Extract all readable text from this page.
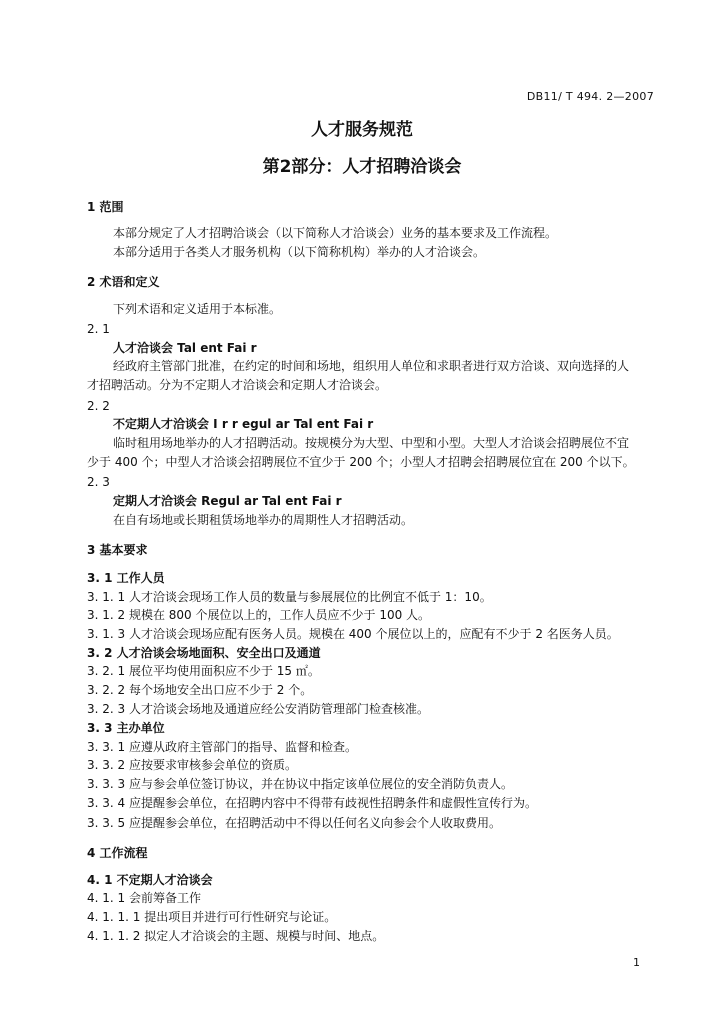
DB11/ T 494. 2—2007
人才服务规范
第2部分：人才招聘洽谈会
1 范围
本部分规定了人才招聘洽谈会（以下简称人才洽谈会）业务的基本要求及工作流程。
本部分适用于各类人才服务机构（以下简称机构）举办的人才洽谈会。
2 术语和定义
下列术语和定义适用于本标准。
2. 1
人才洽谈会 Tal ent Fai r
经政府主管部门批准，在约定的时间和场地，组织用人单位和求职者进行双方洽谈、双向选择的人
才招聘活动。分为不定期人才洽谈会和定期人才洽谈会。
2. 2
不定期人才洽谈会 I r r egul ar Tal ent Fai r
临时租用场地举办的人才招聘活动。按规模分为大型、中型和小型。大型人才洽谈会招聘展位不宜
少于 400 个；中型人才洽谈会招聘展位不宜少于 200 个；小型人才招聘会招聘展位宜在 200 个以下。
2. 3
定期人才洽谈会 Regul ar Tal ent Fai r
在自有场地或长期租赁场地举办的周期性人才招聘活动。
3 基本要求
3. 1 工作人员
3. 1. 1 人才洽谈会现场工作人员的数量与参展展位的比例宜不低于 1：10。
3. 1. 2 规模在 800 个展位以上的，工作人员应不少于 100 人。
3. 1. 3 人才洽谈会现场应配有医务人员。规模在 400 个展位以上的，应配有不少于 2 名医务人员。
3. 2 人才洽谈会场地面积、安全出口及通道
3. 2. 1 展位平均使用面积应不少于 15 ㎡。
3. 2. 2 每个场地安全出口应不少于 2 个。
3. 2. 3 人才洽谈会场地及通道应经公安消防管理部门检查核准。
3. 3 主办单位
3. 3. 1 应遵从政府主管部门的指导、监督和检查。
3. 3. 2 应按要求审核参会单位的资质。
3. 3. 3 应与参会单位签订协议，并在协议中指定该单位展位的安全消防负责人。
3. 3. 4 应提醒参会单位，在招聘内容中不得带有歧视性招聘条件和虚假性宣传行为。
3. 3. 5 应提醒参会单位，在招聘活动中不得以任何名义向参会个人收取费用。
4 工作流程
4. 1 不定期人才洽谈会
4. 1. 1 会前筹备工作
4. 1. 1. 1 提出项目并进行可行性研究与论证。
4. 1. 1. 2 拟定人才洽谈会的主题、规模与时间、地点。
1
